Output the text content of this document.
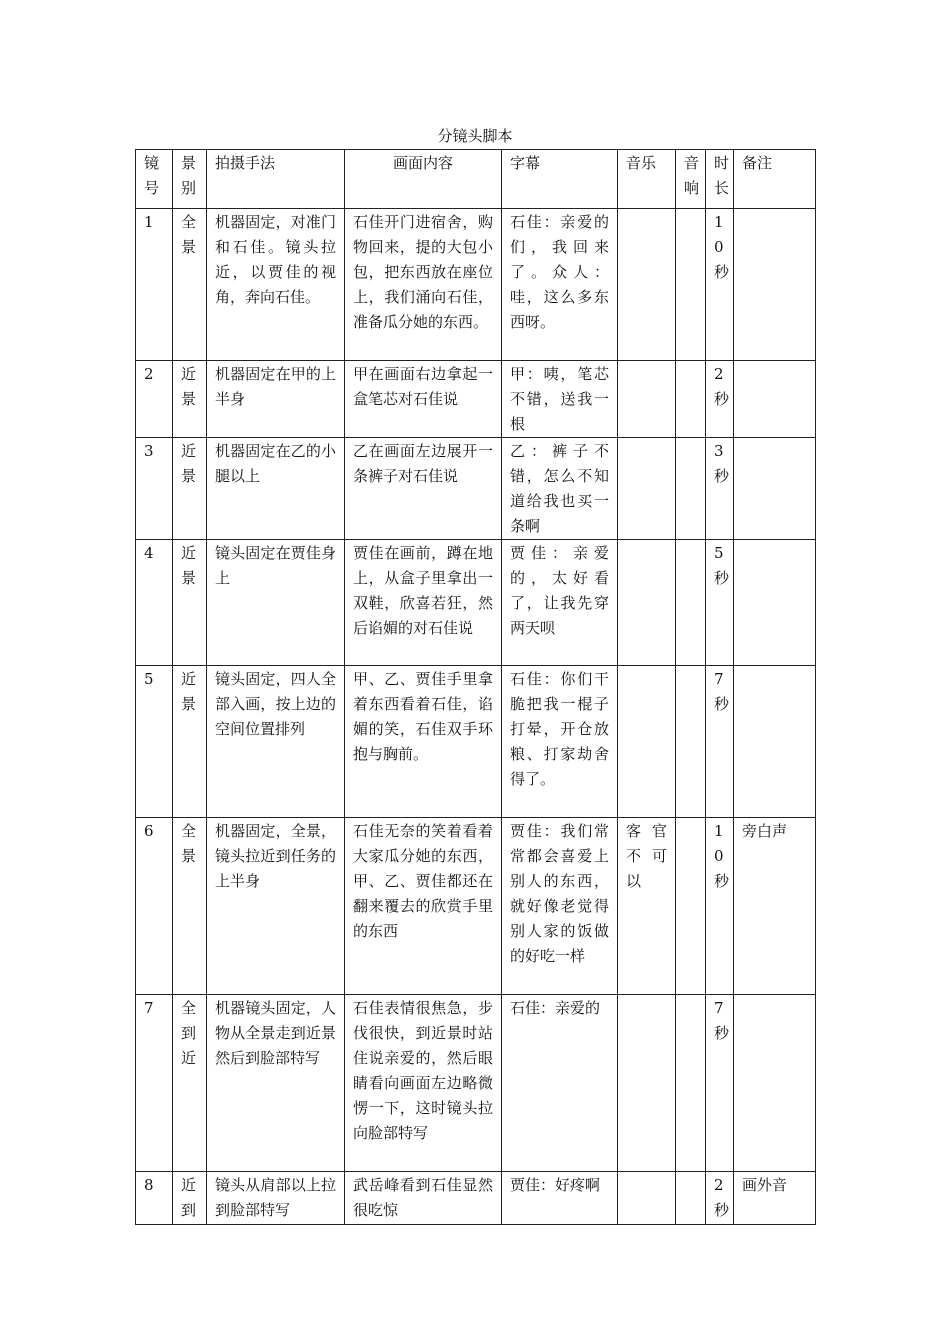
分镜头脚本
镜号	景别	拍摄手法	画面内容	字幕	音乐	音响	时长	备注
1	全景	机器固定，对准门和石佳。镜头拉近，以贾佳的视角，奔向石佳。	石佳开门进宿舍，购物回来，提的大包小包，把东西放在座位上，我们涌向石佳，准备瓜分她的东西。	石佳：亲爱的们，我回来了。众人：哇，这么多东西呀。			10秒	
2	近景	机器固定在甲的上半身	甲在画面右边拿起一盒笔芯对石佳说	甲：咦，笔芯不错，送我一根			2秒	
3	近景	机器固定在乙的小腿以上	乙在画面左边展开一条裤子对石佳说	乙：裤子不错，怎么不知道给我也买一条啊			3秒	
4	近景	镜头固定在贾佳身上	贾佳在画前，蹲在地上，从盒子里拿出一双鞋，欣喜若狂，然后谄媚的对石佳说	贾佳：亲爱的，太好看了，让我先穿两天呗			5秒	
5	近景	镜头固定，四人全部入画，按上边的空间位置排列	甲、乙、贾佳手里拿着东西看着石佳，谄媚的笑，石佳双手环抱与胸前。	石佳：你们干脆把我一棍子打晕，开仓放粮、打家劫舍得了。			7秒	
6	全景	机器固定，全景，镜头拉近到任务的上半身	石佳无奈的笑着看着大家瓜分她的东西，甲、乙、贾佳都还在翻来覆去的欣赏手里的东西	贾佳：我们常常都会喜爱上别人的东西，就好像老觉得别人家的饭做的好吃一样	客官不可以		10秒	旁白声
7	全到近	机器镜头固定，人物从全景走到近景然后到脸部特写	石佳表情很焦急，步伐很快，到近景时站住说亲爱的，然后眼睛看向画面左边略微愣一下，这时镜头拉向脸部特写	石佳：亲爱的			7秒	
8	近到	镜头从肩部以上拉到脸部特写	武岳峰看到石佳显然很吃惊	贾佳：好疼啊			2秒	画外音
